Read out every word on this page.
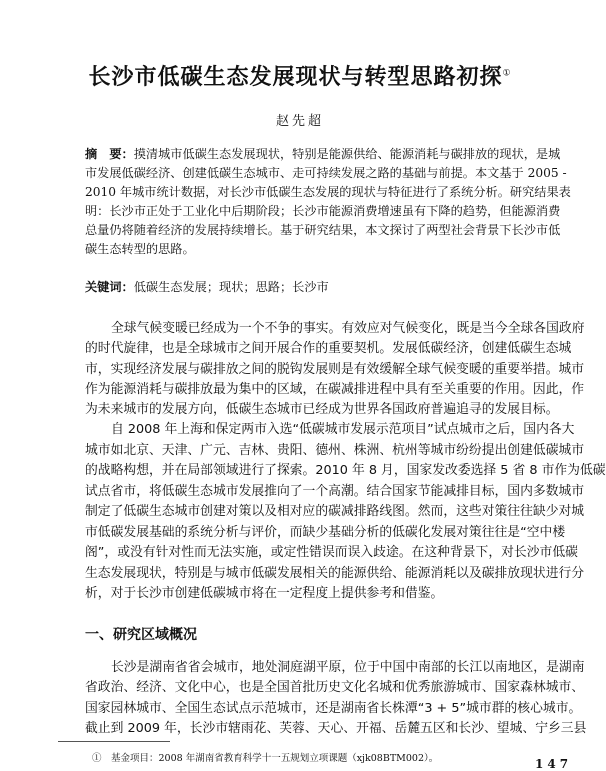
长沙市低碳生态发展现状与转型思路初探①
赵先超
摘　要：摸清城市低碳生态发展现状，特别是能源供给、能源消耗与碳排放的现状，是城
市发展低碳经济、创建低碳生态城市、走可持续发展之路的基础与前提。本文基于 2005 -
2010 年城市统计数据，对长沙市低碳生态发展的现状与特征进行了系统分析。研究结果表
明：长沙市正处于工业化中后期阶段；长沙市能源消费增速虽有下降的趋势，但能源消费
总量仍将随着经济的发展持续增长。基于研究结果，本文探讨了两型社会背景下长沙市低
碳生态转型的思路。
关键词：低碳生态发展；现状；思路；长沙市
全球气候变暖已经成为一个不争的事实。有效应对气候变化，既是当今全球各国政府
的时代旋律，也是全球城市之间开展合作的重要契机。发展低碳经济，创建低碳生态城
市，实现经济发展与碳排放之间的脱钩发展则是有效缓解全球气候变暖的重要举措。城市
作为能源消耗与碳排放最为集中的区域，在碳减排进程中具有至关重要的作用。因此，作
为未来城市的发展方向，低碳生态城市已经成为世界各国政府普遍追寻的发展目标。
自 2008 年上海和保定两市入选“低碳城市发展示范项目”试点城市之后，国内各大
城市如北京、天津、广元、吉林、贵阳、德州、株洲、杭州等城市纷纷提出创建低碳城市
的战略构想，并在局部领域进行了探索。2010 年 8 月，国家发改委选择 5 省 8 市作为低碳
试点省市，将低碳生态城市发展推向了一个高潮。结合国家节能减排目标，国内多数城市
制定了低碳生态城市创建对策以及相对应的碳减排路线图。然而，这些对策往往缺少对城
市低碳发展基础的系统分析与评价，而缺少基础分析的低碳化发展对策往往是“空中楼
阁”，或没有针对性而无法实施，或定性错误而误入歧途。在这种背景下，对长沙市低碳
生态发展现状，特别是与城市低碳发展相关的能源供给、能源消耗以及碳排放现状进行分
析，对于长沙市创建低碳城市将在一定程度上提供参考和借鉴。
一、研究区域概况
长沙是湖南省省会城市，地处洞庭湖平原，位于中国中南部的长江以南地区，是湖南
省政治、经济、文化中心，也是全国首批历史文化名城和优秀旅游城市、国家森林城市、
国家园林城市、全国生态试点示范城市，还是湖南省长株潭“3 + 5”城市群的核心城市。
截止到 2009 年，长沙市辖雨花、芙蓉、天心、开福、岳麓五区和长沙、望城、宁乡三县
①　基金项目：2008 年湖南省教育科学十一五规划立项课题（xjk08BTM002）。	147
